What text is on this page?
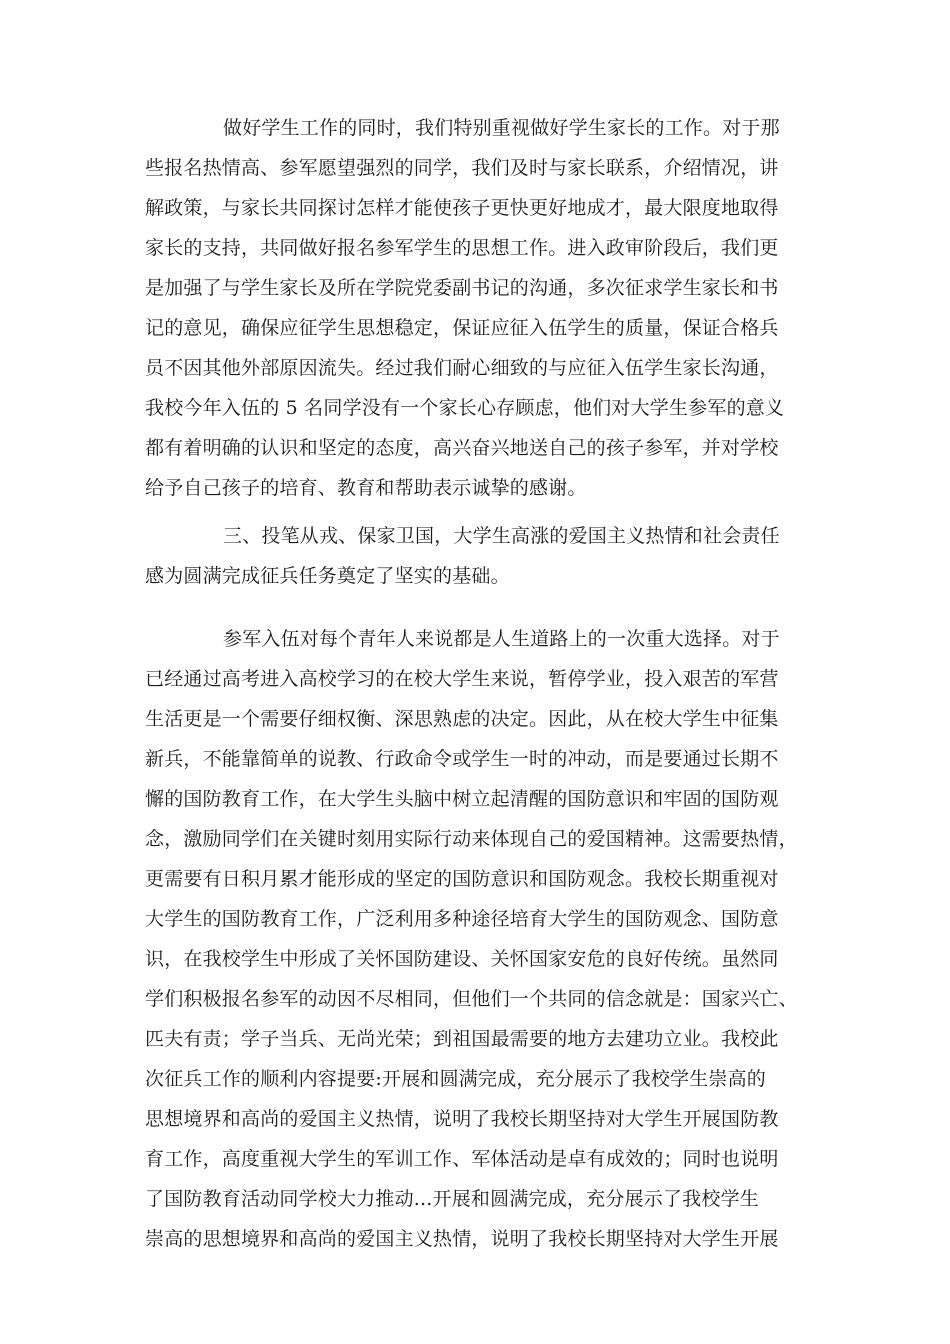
做好学生工作的同时，我们特别重视做好学生家长的工作。对于那
些报名热情高、参军愿望强烈的同学，我们及时与家长联系，介绍情况，讲
解政策，与家长共同探讨怎样才能使孩子更快更好地成才，最大限度地取得
家长的支持，共同做好报名参军学生的思想工作。进入政审阶段后，我们更
是加强了与学生家长及所在学院党委副书记的沟通，多次征求学生家长和书
记的意见，确保应征学生思想稳定，保证应征入伍学生的质量，保证合格兵
员不因其他外部原因流失。经过我们耐心细致的与应征入伍学生家长沟通，
我校今年入伍的 5 名同学没有一个家长心存顾虑，他们对大学生参军的意义
都有着明确的认识和坚定的态度，高兴奋兴地送自己的孩子参军，并对学校
给予自己孩子的培育、教育和帮助表示诚挚的感谢。
三、投笔从戎、保家卫国，大学生高涨的爱国主义热情和社会责任
感为圆满完成征兵任务奠定了坚实的基础。
参军入伍对每个青年人来说都是人生道路上的一次重大选择。对于
已经通过高考进入高校学习的在校大学生来说，暂停学业，投入艰苦的军营
生活更是一个需要仔细权衡、深思熟虑的决定。因此，从在校大学生中征集
新兵，不能靠简单的说教、行政命令或学生一时的冲动，而是要通过长期不
懈的国防教育工作，在大学生头脑中树立起清醒的国防意识和牢固的国防观
念，激励同学们在关键时刻用实际行动来体现自己的爱国精神。这需要热情，
更需要有日积月累才能形成的坚定的国防意识和国防观念。我校长期重视对
大学生的国防教育工作，广泛利用多种途径培育大学生的国防观念、国防意
识，在我校学生中形成了关怀国防建设、关怀国家安危的良好传统。虽然同
学们积极报名参军的动因不尽相同，但他们一个共同的信念就是：国家兴亡、
匹夫有责；学子当兵、无尚光荣；到祖国最需要的地方去建功立业。我校此
次征兵工作的顺利内容提要:开展和圆满完成，充分展示了我校学生崇高的
思想境界和高尚的爱国主义热情，说明了我校长期坚持对大学生开展国防教
育工作，高度重视大学生的军训工作、军体活动是卓有成效的；同时也说明
了国防教育活动同学校大力推动...开展和圆满完成，充分展示了我校学生
崇高的思想境界和高尚的爱国主义热情，说明了我校长期坚持对大学生开展
